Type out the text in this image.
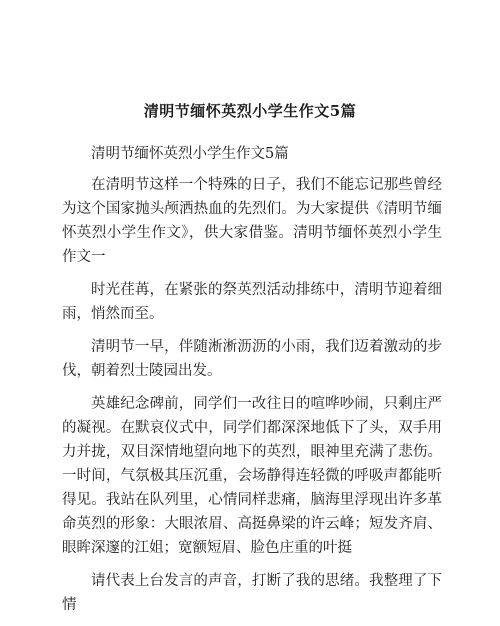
清明节缅怀英烈小学生作文5篇

清明节缅怀英烈小学生作文5篇

在清明节这样一个特殊的日子，我们不能忘记那些曾经为这个国家抛头颅洒热血的先烈们。为大家提供《清明节缅怀英烈小学生作文》，供大家借鉴。清明节缅怀英烈小学生作文一

时光荏苒，在紧张的祭英烈活动排练中，清明节迎着细雨，悄然而至。

清明节一早，伴随淅淅沥沥的小雨，我们迈着激动的步伐，朝着烈士陵园出发。

英雄纪念碑前，同学们一改往日的喧哗吵闹，只剩庄严的凝视。在默哀仪式中，同学们都深深地低下了头，双手用力并拢，双目深情地望向地下的英烈，眼神里充满了悲伤。一时间，气氛极其压沉重，会场静得连轻微的呼吸声都能听得见。我站在队列里，心情同样悲痛，脑海里浮现出许多革命英烈的形象：大眼浓眉、高挺鼻梁的许云峰；短发齐肩、眼眸深邃的江姐；宽额短眉、脸色庄重的叶挺

请代表上台发言的声音，打断了我的思绪。我整理了下情
